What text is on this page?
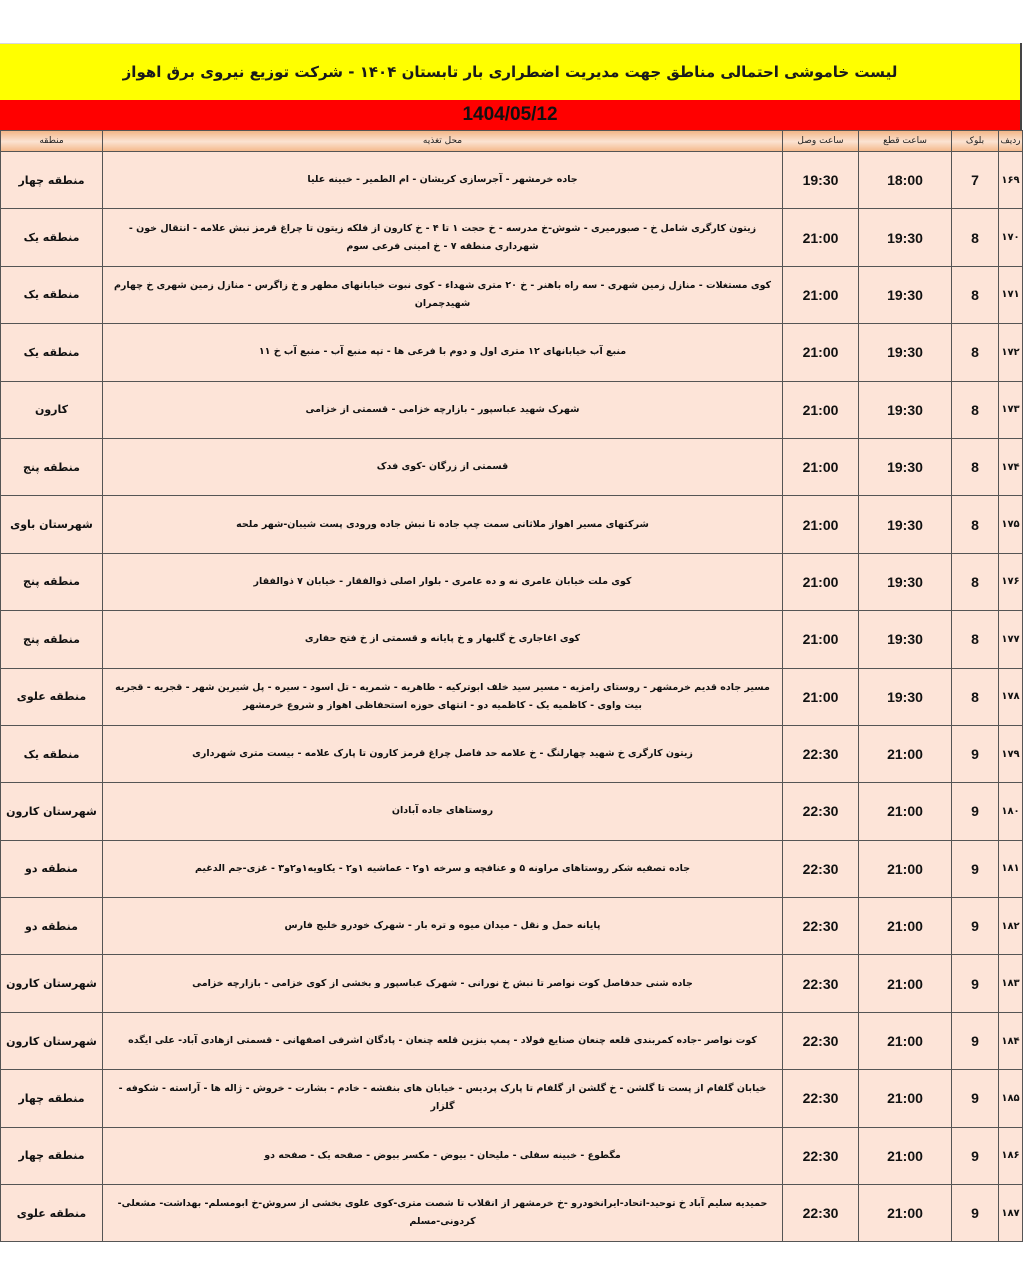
لیست خاموشی احتمالی مناطق جهت مدیریت اضطراری بار تابستان ۱۴۰۴ - شرکت توزیع نیروی برق اهواز
1404/05/12
ردیف	بلوک	ساعت قطع	ساعت وصل	محل تغذیه	منطقه
۱۶۹	7	18:00	19:30	جاده خرمشهر - آجرسازی کریشان - ام الطمیر - خبینه علیا	منطقه چهار
۱۷۰	8	19:30	21:00	زیتون کارگری شامل خ - صبورمیری - شوش-خ مدرسه - خ حجت ۱ تا ۴ - خ کارون از فلکه زیتون تا چراغ قرمز نبش علامه - انتقال خون - شهرداری منطقه ۷ - خ امینی فرعی سوم	منطقه یک
۱۷۱	8	19:30	21:00	کوی مستغلات - منازل زمین شهری - سه راه باهنر - خ ۲۰ متری شهداء - کوی نبوت خیابانهای مطهر و خ زاگرس - منازل زمین شهری خ چهارم شهیدچمران	منطقه یک
۱۷۲	8	19:30	21:00	منبع آب خیابانهای ۱۲ متری اول و دوم با فرعی ها - تپه منبع آب - منبع آب خ ۱۱	منطقه یک
۱۷۳	8	19:30	21:00	شهرک شهید عباسپور - بازارچه خزامی - قسمتی از خزامی	کارون
۱۷۴	8	19:30	21:00	قسمتی از زرگان -کوی فدک	منطقه پنج
۱۷۵	8	19:30	21:00	شرکتهای مسیر اهواز ملاثانی سمت چپ جاده تا نبش جاده ورودی پست شیبان-شهر ملحه	شهرستان باوی
۱۷۶	8	19:30	21:00	کوی ملت خیابان عامری نه و ده عامری - بلوار اصلی ذوالفقار - خیابان ۷ ذوالفقار	منطقه پنج
۱۷۷	8	19:30	21:00	کوی اغاجاری خ گلبهار و خ پایانه و قسمتی از خ فتح حفاری	منطقه پنج
۱۷۸	8	19:30	21:00	مسیر جاده قدیم خرمشهر - روستای رامزیه - مسیر سید خلف ابوترکیه - طاهریه - شمریه - تل اسود - سیره - پل شیرین شهر - قجریه - قجریه بیت واوی - کاظمیه یک - کاظمیه دو - انتهای حوزه استحفاظی اهواز و شروع خرمشهر	منطقه علوی
۱۷۹	9	21:00	22:30	زیتون کارگری خ شهید چهارلنگ - خ علامه حد فاصل چراغ قرمز کارون تا پارک علامه - بیست متری شهرداری	منطقه یک
۱۸۰	9	21:00	22:30	روستاهای جاده آبادان	شهرستان کارون
۱۸۱	9	21:00	22:30	جاده تصفیه شکر روستاهای مراونه ۵ و عنافچه و سرخه ۱و۲ - عماشیه ۱و۲ - یکاویه۱و۲و۳ - غزی-جم الدغیم	منطقه دو
۱۸۲	9	21:00	22:30	پایانه حمل و نقل - میدان میوه و تره بار - شهرک خودرو خلیج فارس	منطقه دو
۱۸۳	9	21:00	22:30	جاده شنی حدفاصل کوت نواصر تا نبش خ نورانی - شهرک عباسپور و بخشی از کوی خزامی - بازارچه خزامی	شهرستان کارون
۱۸۴	9	21:00	22:30	کوت نواصر -جاده کمربندی قلعه چنعان صنایع فولاد - پمپ بنزین قلعه چنعان - پادگان اشرفی اصفهانی - قسمتی ازهادی آباد- علی ایگده	شهرستان کارون
۱۸۵	9	21:00	22:30	خیابان گلفام از پست تا گلشن - خ گلشن از گلفام تا پارک پردیس - خیابان های بنفشه - خادم - بشارت - خروش - ژاله ها - آراسته - شکوفه - گلزار	منطقه چهار
۱۸۶	9	21:00	22:30	مگطوع - خبینه سفلی - ملیحان - بیوض - مکسر بیوض - صفحه یک - صفحه دو	منطقه چهار
۱۸۷	9	21:00	22:30	حمیدیه سلیم آباد خ توحید-اتحاد-ایرانخودرو -خ خرمشهر از انقلاب تا شصت متری-کوی علوی بخشی از سروش-خ ابومسلم- بهداشت- مشعلی- کردونی-مسلم	منطقه علوی
